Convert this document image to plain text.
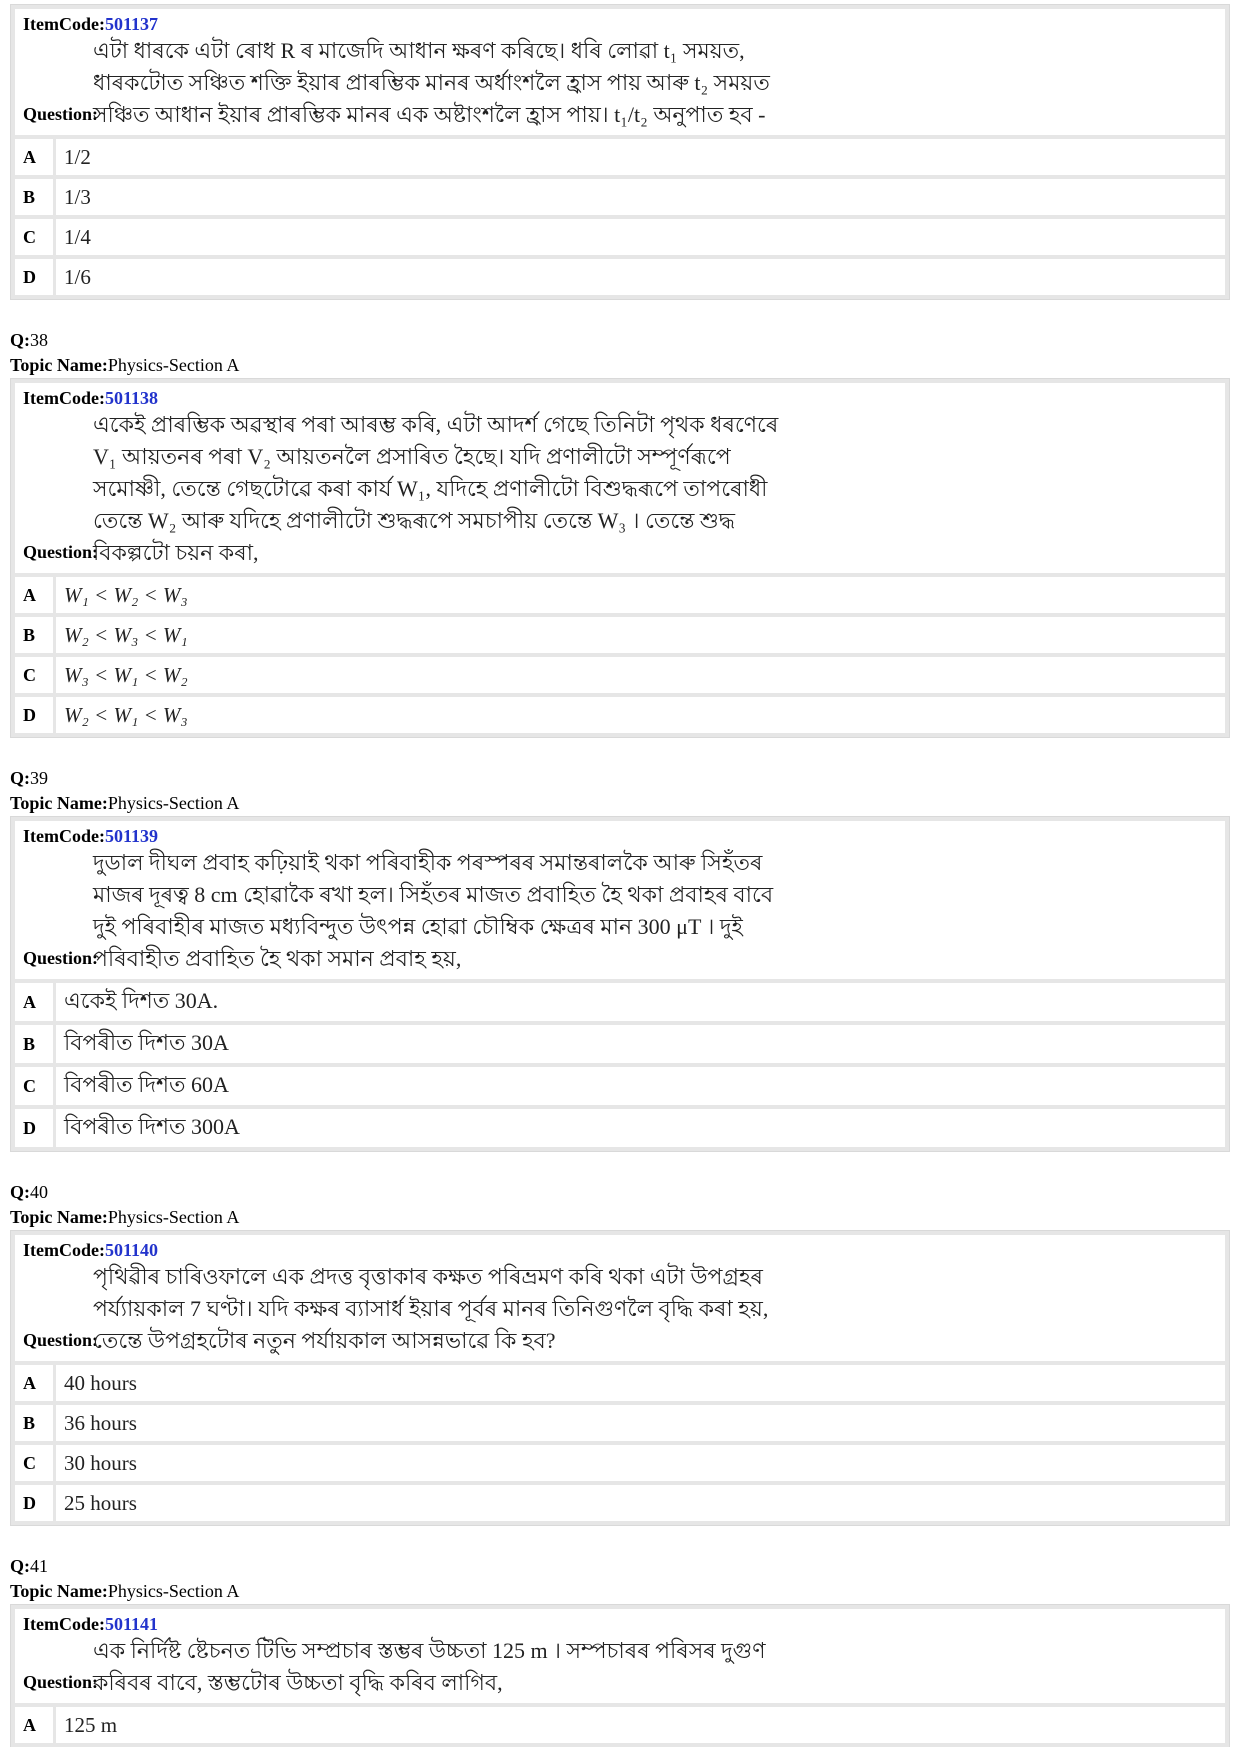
ItemCode:501137
Question:
এটা ধাৰকে এটা ৰোধ R ৰ মাজেদি আধান ক্ষৰণ কৰিছে। ধৰি লোৱা t₁ সময়ত,
ধাৰকটোত সঞ্চিত শক্তি ইয়াৰ প্ৰাৰম্ভিক মানৰ অৰ্ধাংশলৈ হ্ৰাস পায় আৰু t₂ সময়ত
সঞ্চিত আধান ইয়াৰ প্ৰাৰম্ভিক মানৰ এক অষ্টাংশলৈ হ্ৰাস পায়। t₁/t₂ অনুপাত হব -
A	1/2
B	1/3
C	1/4
D	1/6
Q:38
Topic Name:Physics-Section A
ItemCode:501138
Question:
একেই প্ৰাৰম্ভিক অৱস্থাৰ পৰা আৰম্ভ কৰি, এটা আদৰ্শ গেছে তিনিটা পৃথক ধৰণেৰে
V₁ আয়তনৰ পৰা V₂ আয়তনলৈ প্ৰসাৰিত হৈছে। যদি প্ৰণালীটো সম্পূৰ্ণৰূপে
সমোষ্ণী, তেন্তে গেছটোৱে কৰা কাৰ্য W₁, যদিহে প্ৰণালীটো বিশুদ্ধৰূপে তাপৰোধী
তেন্তে W₂ আৰু যদিহে প্ৰণালীটো শুদ্ধৰূপে সমচাপীয় তেন্তে W₃ । তেন্তে শুদ্ধ
বিকল্পটো চয়ন কৰা,
A	W₁ < W₂ < W₃
B	W₂ < W₃ < W₁
C	W₃ < W₁ < W₂
D	W₂ < W₁ < W₃
Q:39
Topic Name:Physics-Section A
ItemCode:501139
Question:
দুডাল দীঘল প্ৰবাহ কঢ়িয়াই থকা পৰিবাহীক পৰস্পৰৰ সমান্তৰালকৈ আৰু সিহঁতৰ
মাজৰ দূৰত্ব 8 cm হোৱাকৈ ৰখা হল। সিহঁতৰ মাজত প্ৰবাহিত হৈ থকা প্ৰবাহৰ বাবে
দুই পৰিবাহীৰ মাজত মধ্যবিন্দুত উৎপন্ন হোৱা চৌম্বিক ক্ষেত্ৰৰ মান 300 μT । দুই
পৰিবাহীত প্ৰবাহিত হৈ থকা সমান প্ৰবাহ হয়,
A	একেই দিশত 30A.
B	বিপৰীত দিশত 30A
C	বিপৰীত দিশত 60A
D	বিপৰীত দিশত 300A
Q:40
Topic Name:Physics-Section A
ItemCode:501140
Question:
পৃথিৱীৰ চাৰিওফালে এক প্ৰদত্ত বৃত্তাকাৰ কক্ষত পৰিভ্ৰমণ কৰি থকা এটা উপগ্ৰহৰ
পৰ্য্যায়কাল 7 ঘণ্টা। যদি কক্ষৰ ব্যাসাৰ্ধ ইয়াৰ পূৰ্বৰ মানৰ তিনিগুণলৈ বৃদ্ধি কৰা হয়,
তেন্তে উপগ্ৰহটোৰ নতুন পৰ্যায়কাল আসন্নভাৱে কি হব?
A	40 hours
B	36 hours
C	30 hours
D	25 hours
Q:41
Topic Name:Physics-Section A
ItemCode:501141
Question:
এক নিৰ্দিষ্ট ষ্টেচনত টিভি সম্প্ৰচাৰ স্তম্ভৰ উচ্চতা 125 m । সম্পচাৰৰ পৰিসৰ দুগুণ
কৰিবৰ বাবে, স্তম্ভটোৰ উচ্চতা বৃদ্ধি কৰিব লাগিব,
A	125 m
